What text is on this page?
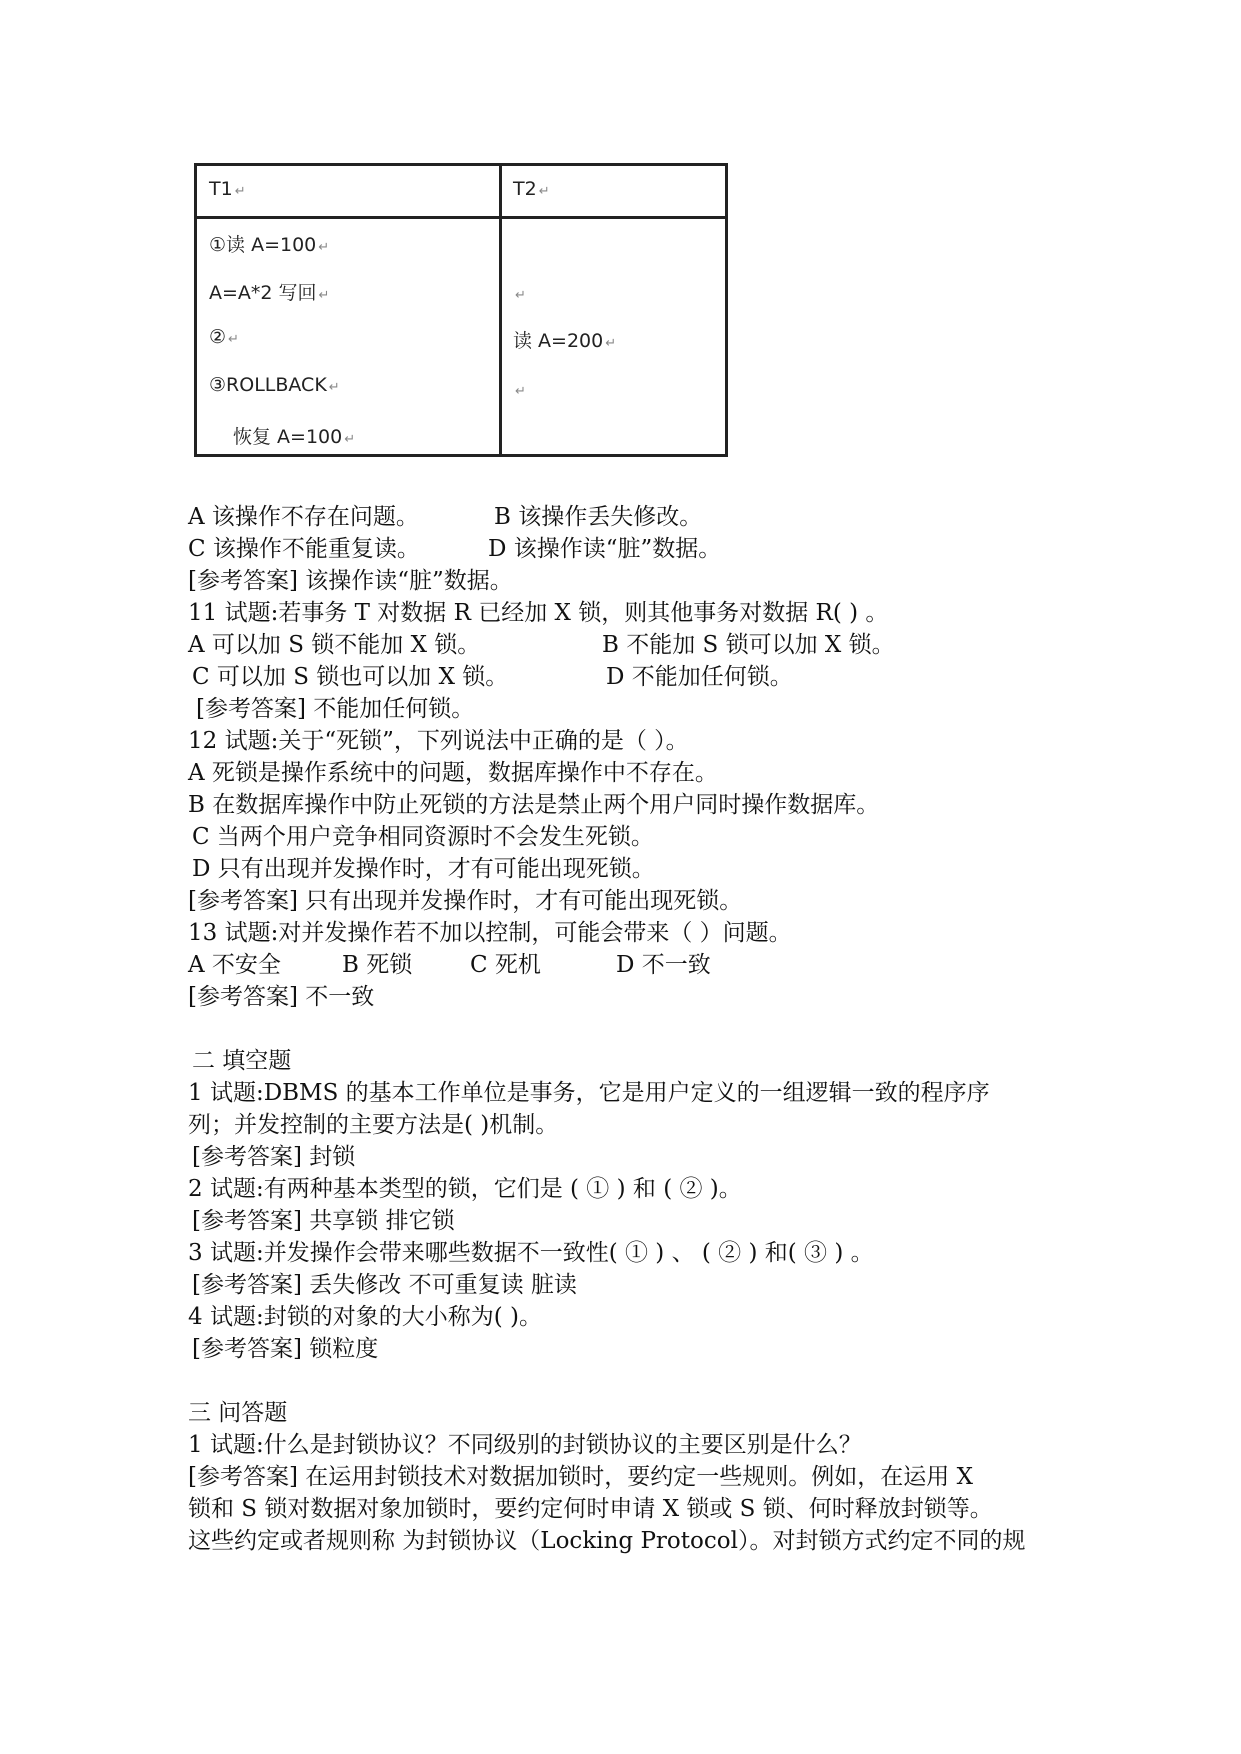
T1 ↵	T2 ↵
①读 A=100 ↵
A=A*2 写回 ↵	↵
② ↵	读 A=200 ↵
③ROLLBACK ↵	↵
恢复 A=100 ↵
A 该操作不存在问题。	B 该操作丢失修改。
C 该操作不能重复读。	D 该操作读“脏”数据。
[参考答案] 该操作读“脏”数据。
11 试题:若事务 T 对数据 R 已经加 X 锁，则其他事务对数据 R( ) 。
A 可以加 S 锁不能加 X 锁。	B 不能加 S 锁可以加 X 锁。
C 可以加 S 锁也可以加 X 锁。	D 不能加任何锁。
[参考答案] 不能加任何锁。
12 试题:关于“死锁”，下列说法中正确的是（ ）。
A 死锁是操作系统中的问题，数据库操作中不存在。
B 在数据库操作中防止死锁的方法是禁止两个用户同时操作数据库。
C 当两个用户竞争相同资源时不会发生死锁。
D 只有出现并发操作时，才有可能出现死锁。
[参考答案] 只有出现并发操作时，才有可能出现死锁。
13 试题:对并发操作若不加以控制，可能会带来（ ）问题。
A 不安全	B 死锁	C 死机	D 不一致
[参考答案] 不一致
二 填空题
1 试题:DBMS 的基本工作单位是事务，它是用户定义的一组逻辑一致的程序序
列；并发控制的主要方法是( )机制。
[参考答案] 封锁
2 试题:有两种基本类型的锁，它们是 ( ① ) 和 ( ② )。
[参考答案] 共享锁 排它锁
3 试题:并发操作会带来哪些数据不一致性( ① ) 、 ( ② ) 和( ③ ) 。
[参考答案] 丢失修改 不可重复读 脏读
4 试题:封锁的对象的大小称为( )。
[参考答案] 锁粒度
三 问答题
1 试题:什么是封锁协议？不同级别的封锁协议的主要区别是什么？
[参考答案] 在运用封锁技术对数据加锁时，要约定一些规则。例如，在运用 X
锁和 S 锁对数据对象加锁时，要约定何时申请 X 锁或 S 锁、何时释放封锁等。
这些约定或者规则称 为封锁协议（Locking Protocol）。对封锁方式约定不同的规
